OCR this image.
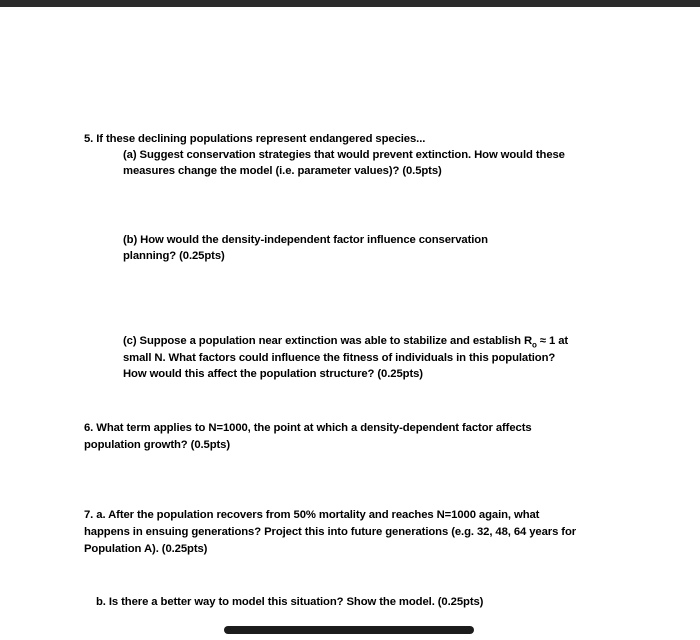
5. If these declining populations represent endangered species...
(a) Suggest conservation strategies that would prevent extinction. How would these
measures change the model (i.e. parameter values)? (0.5pts)
(b) How would the density-independent factor influence conservation
planning? (0.25pts)
(c) Suppose a population near extinction was able to stabilize and establish $R_o \approx 1$ at
small N. What factors could influence the fitness of individuals in this population?
How would this affect the population structure? (0.25pts)
6. What term applies to N=1000, the point at which a density-dependent factor affects
population growth? (0.5pts)
7. a. After the population recovers from 50% mortality and reaches N=1000 again, what
happens in ensuing generations? Project this into future generations (e.g. 32, 48, 64 years for
Population A). (0.25pts)
b. Is there a better way to model this situation? Show the model. (0.25pts)
